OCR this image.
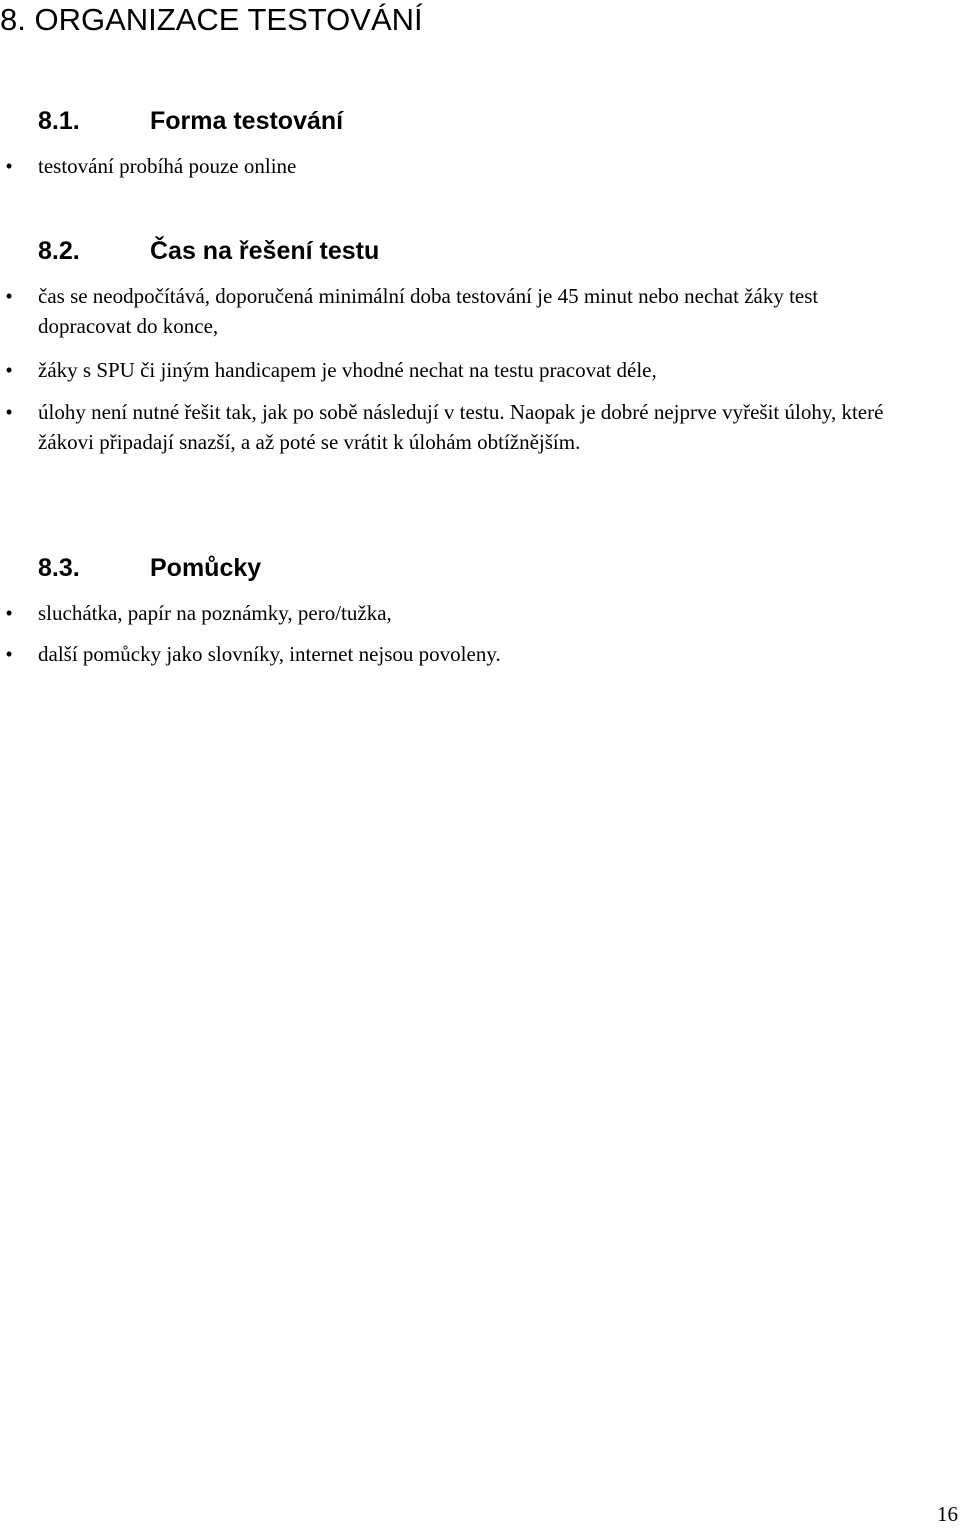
8. ORGANIZACE TESTOVÁNÍ
8.1.	Forma testování

• testování probíhá pouze online

8.2.	Čas na řešení testu

• čas se neodpočítává, doporučená minimální doba testování je 45 minut nebo nechat žáky test dopracovat do konce,

• žáky s SPU či jiným handicapem je vhodné nechat na testu pracovat déle,

• úlohy není nutné řešit tak, jak po sobě následují v testu. Naopak je dobré nejprve vyřešit úlohy, které žákovi připadají snazší, a až poté se vrátit k úlohám obtížnějším.

8.3.	Pomůcky

• sluchátka, papír na poznámky, pero/tužka,

• další pomůcky jako slovníky, internet nejsou povoleny.

16
